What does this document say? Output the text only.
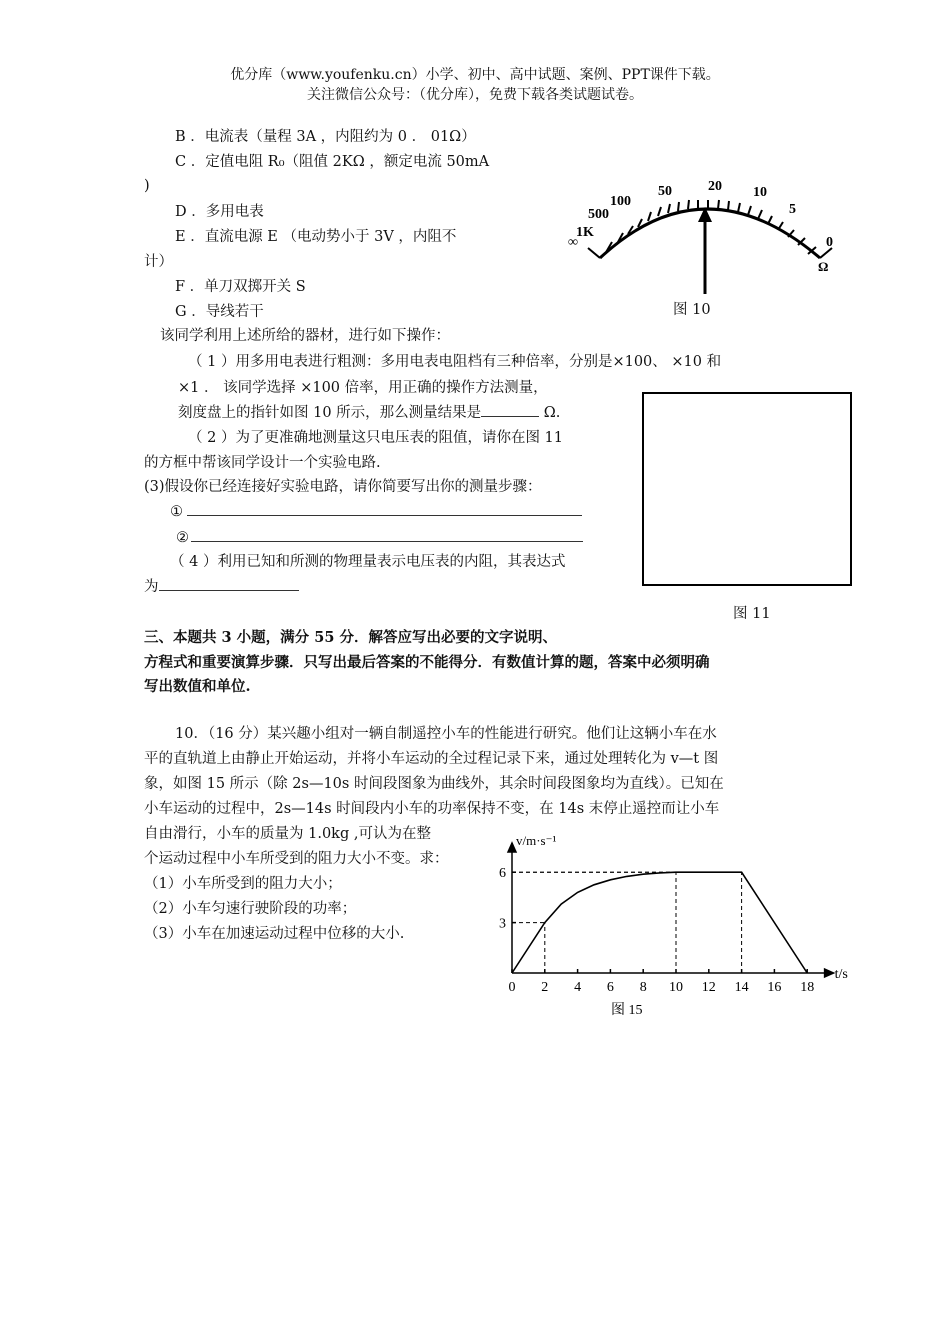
优分库（www.youfenku.cn）小学、初中、高中试题、案例、PPT课件下载。
关注微信公众号：（优分库），免费下载各类试题试卷。
B ．电流表（量程 3A ，内阻约为 0 ． 01Ω）
C ．定值电阻 R₀（阻值 2KΩ ，额定电流 50mA
)
D ．多用电表
E ．直流电源 E （电动势小于 3V ，内阻不
计）
F ．单刀双掷开关 S
G ．导线若干
∞
1K
500
100
50	20 10
5
0
Ω
图 10
该同学利用上述所给的器材，进行如下操作：
（ 1 ）用多用电表进行粗测：多用电表电阻档有三种倍率，分别是×100、 ×10 和
×1 ． 该同学选择 ×100 倍率，用正确的操作方法测量，
刻度盘上的指针如图 10 所示，那么测量结果是	Ω.
（ 2 ）为了更准确地测量这只电压表的阻值，请你在图 11
的方框中帮该同学设计一个实验电路.
(3)假设你已经连接好实验电路，请你简要写出你的测量步骤：
①
②
（ 4 ）利用已知和所测的物理量表示电压表的内阻，其表达式
为
图 11
三、本题共 3 小题，满分 55 分．解答应写出必要的文字说明、
方程式和重要演算步骤．只写出最后答案的不能得分．有数值计算的题，答案中必须明确
写出数值和单位.
10．（16 分）某兴趣小组对一辆自制遥控小车的性能进行研究。他们让这辆小车在水
平的直轨道上由静止开始运动，并将小车运动的全过程记录下来，通过处理转化为 v—t 图
象，如图 15 所示（除 2s—10s 时间段图象为曲线外，其余时间段图象均为直线）。已知在
小车运动的过程中，2s—14s 时间段内小车的功率保持不变，在 14s 末停止遥控而让小车
自由滑行，小车的质量为 1.0kg ,可认为在整
个运动过程中小车所受到的阻力大小不变。求：
（1）小车所受到的阻力大小；
（2）小车匀速行驶阶段的功率；
（3）小车在加速运动过程中位移的大小.
0 2 4 6 8 10 12 14 16 18
3
6
v/m·s⁻¹
t/s
图 15
